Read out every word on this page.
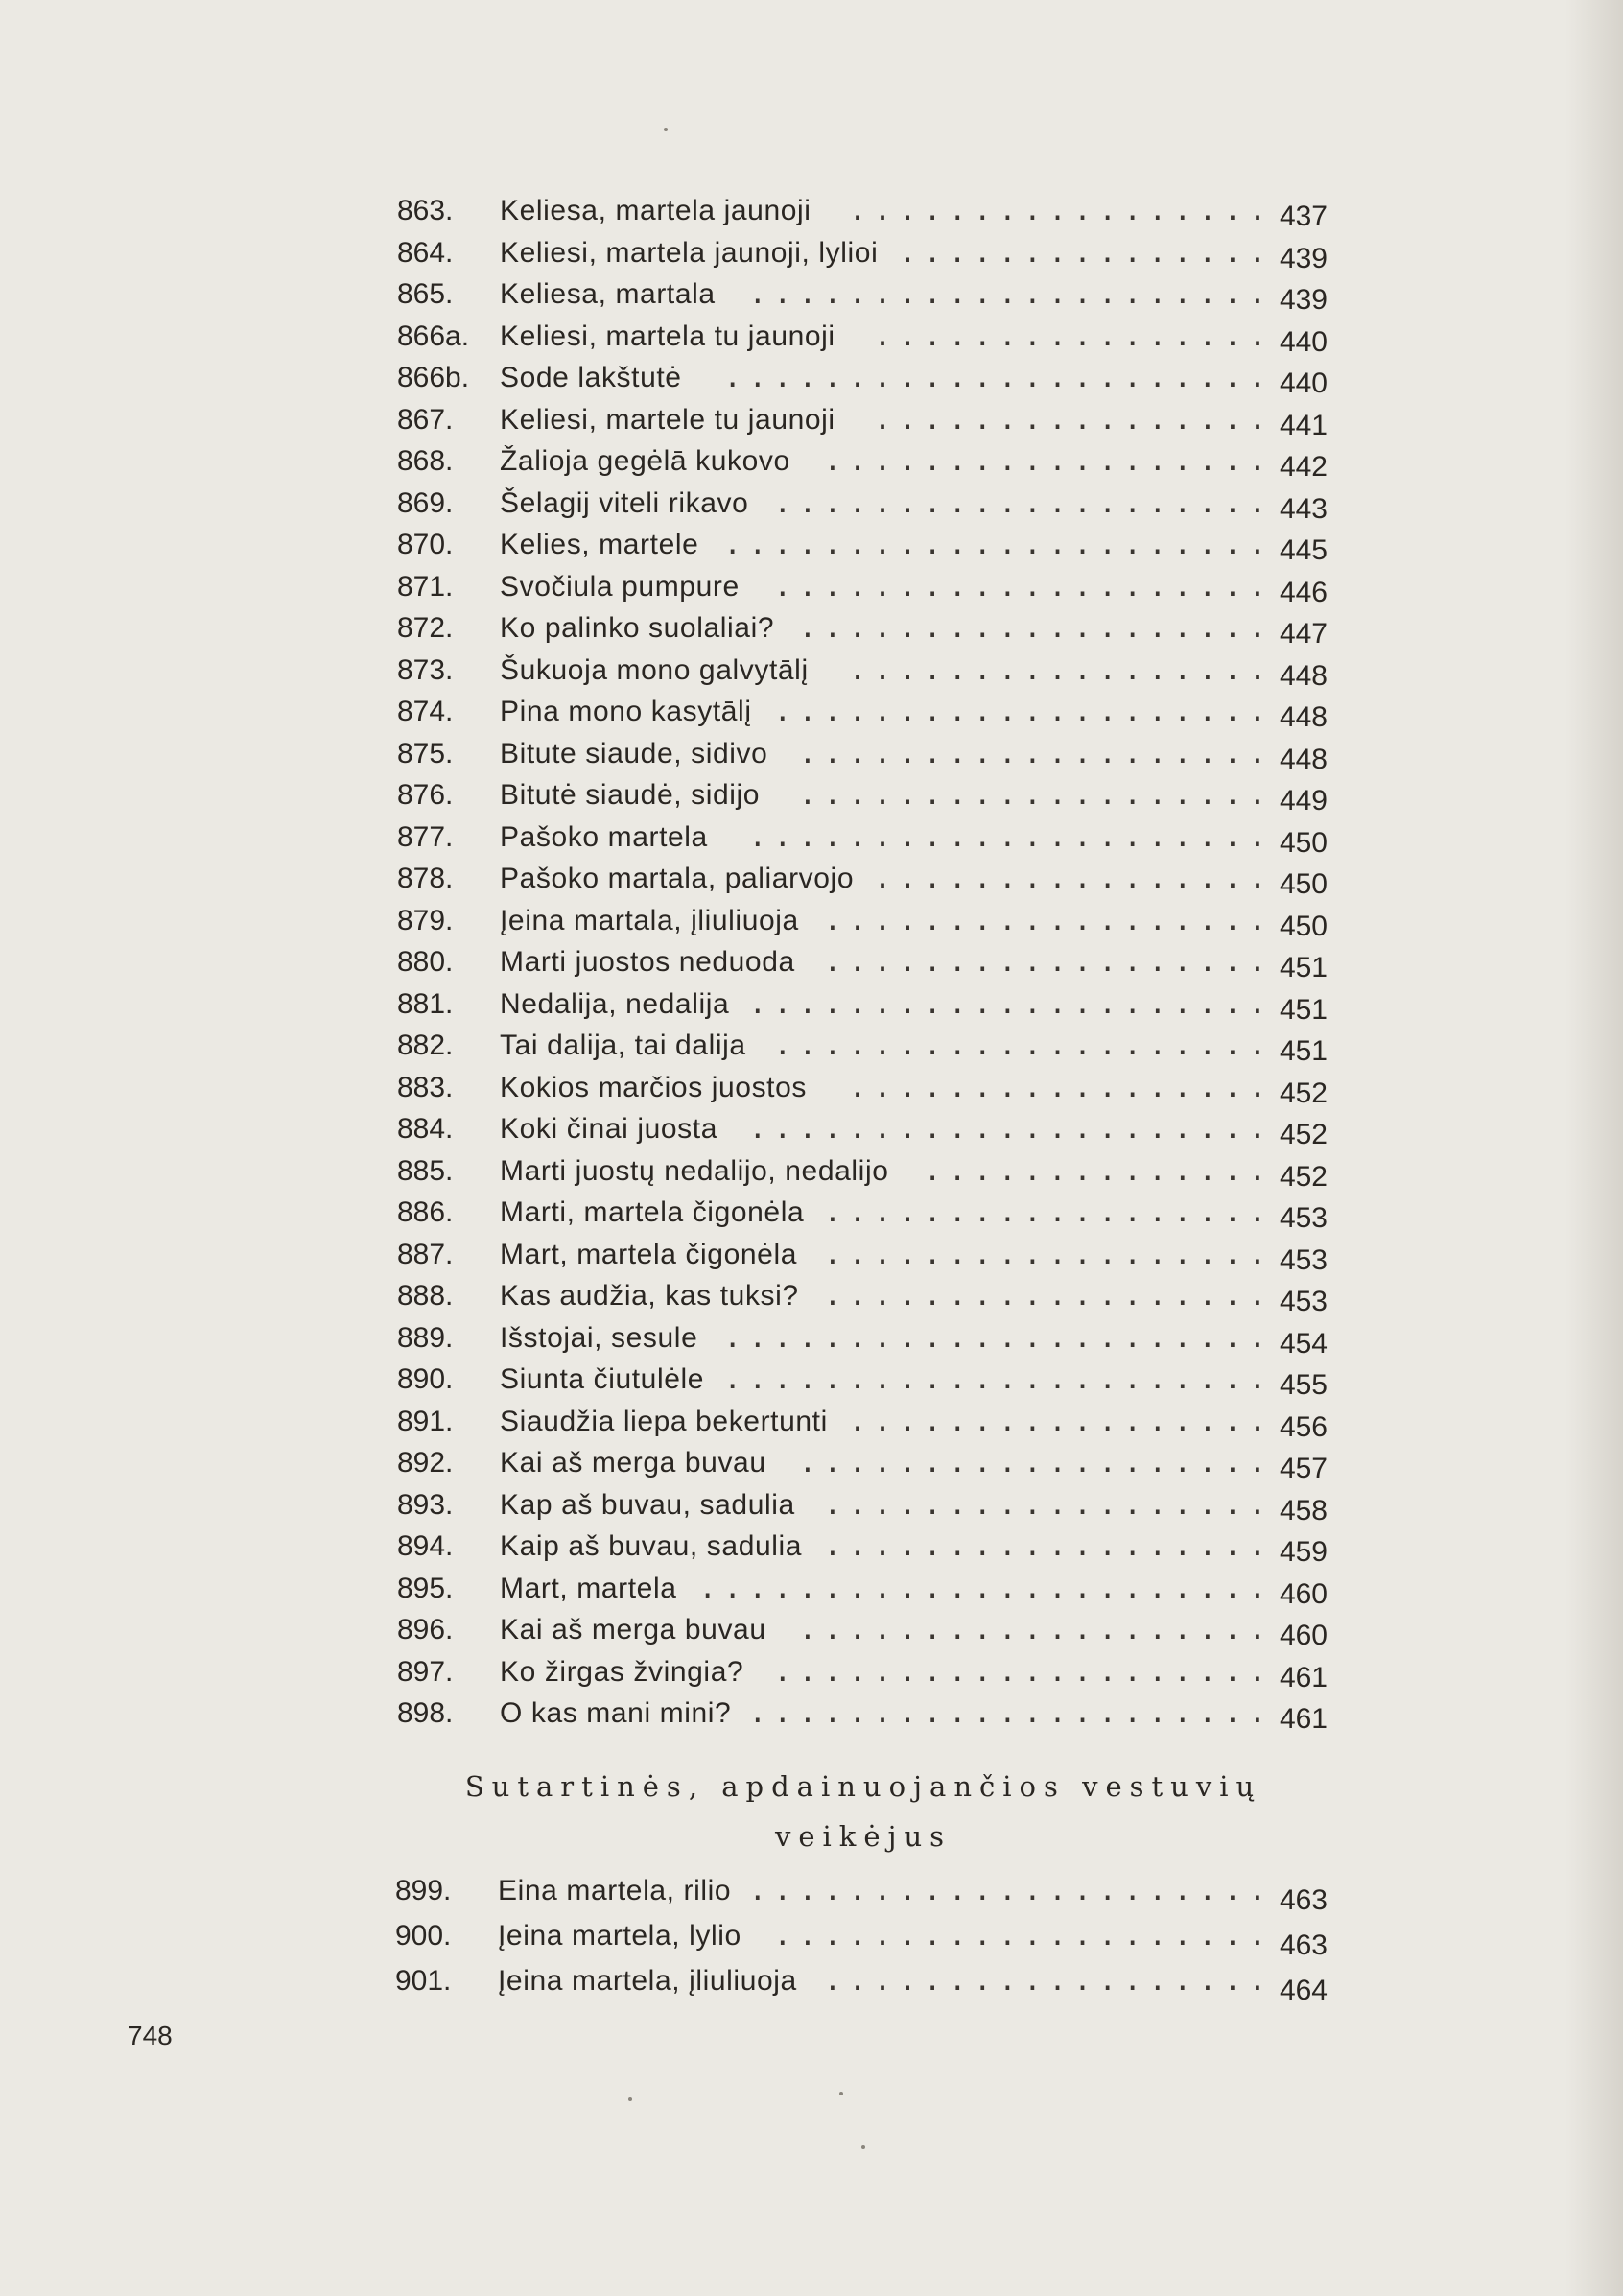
863.	Keliesa, martela jaunoji ................. 437
864.	Keliesi, martela jaunoji, lylioi ............... 439
865.	Keliesa, martala ..................... 439
866a.	Keliesi, martela tu jaunoji ................ 440
866b.	Sode lakštutė ...................... 440
867.	Keliesi, martele tu jaunoji ................ 441
868.	Žalioja gegėlā kukovo .................. 442
869.	Šelagij viteli rikavo .................... 443
870.	Kelies, martele ...................... 445
871.	Svočiula pumpure .................... 446
872.	Ko palinko suolaliai? ................... 447
873.	Šukuoja mono galvytālį ................. 448
874.	Pina mono kasytālį .................... 448
875.	Bitute siaude, sidivo ................... 448
876.	Bitutė siaudė, sidijo ................... 449
877.	Pašoko martela ..................... 450
878.	Pašoko martala, paliarvojo ................ 450
879.	Įeina martala, įliuliuoja .................. 450
880.	Marti juostos neduoda .................. 451
881.	Nedalija, nedalija ..................... 451
882.	Tai dalija, tai dalija .................... 451
883.	Kokios marčios juostos ................. 452
884.	Koki činai juosta ..................... 452
885.	Marti juostų nedalijo, nedalijo .............. 452
886.	Marti, martela čigonėla .................. 453
887.	Mart, martela čigonėla .................. 453
888.	Kas audžia, kas tuksi? .................. 453
889.	Išstojai, sesule ...................... 454
890.	Siunta čiutulėle ...................... 455
891.	Siaudžia liepa bekertunti ................. 456
892.	Kai aš merga buvau ................... 457
893.	Kap aš buvau, sadulia .................. 458
894.	Kaip aš buvau, sadulia .................. 459
895.	Mart, martela ....................... 460
896.	Kai aš merga buvau ................... 460
897.	Ko žirgas žvingia? .................... 461
898.	O kas mani mini? ..................... 461
Sutartinės, apdainuojančios vestuvių
veikėjus
899.	Eina martela, rilio ..................... 463
900.	Įeina martela, lylio .................... 463
901.	Įeina martela, įliuliuoja .................. 464
748
